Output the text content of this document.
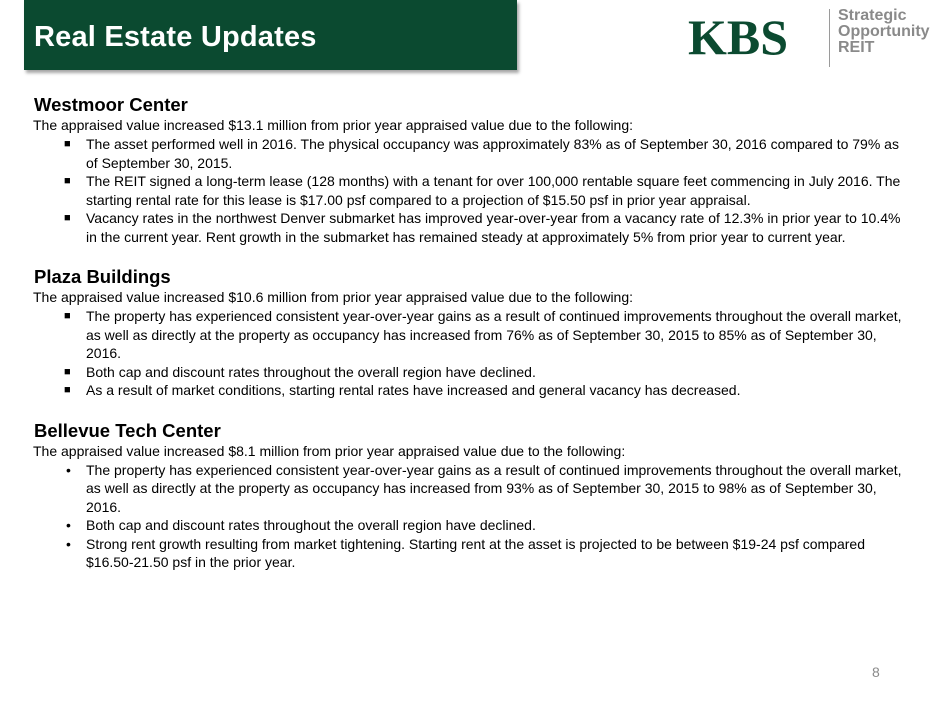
Real Estate Updates	KBS	Strategic
Opportunity
REIT
Westmoor Center
The appraised value increased $13.1 million from prior year appraised value due to the following:
■ The asset performed well in 2016. The physical occupancy was approximately 83% as of September 30, 2016 compared to 79% as of September 30, 2015.
■ The REIT signed a long-term lease (128 months) with a tenant for over 100,000 rentable square feet commencing in July 2016. The starting rental rate for this lease is $17.00 psf compared to a projection of $15.50 psf in prior year appraisal.
■ Vacancy rates in the northwest Denver submarket has improved year-over-year from a vacancy rate of 12.3% in prior year to 10.4% in the current year. Rent growth in the submarket has remained steady at approximately 5% from prior year to current year.
Plaza Buildings
The appraised value increased $10.6 million from prior year appraised value due to the following:
■ The property has experienced consistent year-over-year gains as a result of continued improvements throughout the overall market, as well as directly at the property as occupancy has increased from 76% as of September 30, 2015 to 85% as of September 30, 2016.
■ Both cap and discount rates throughout the overall region have declined.
■ As a result of market conditions, starting rental rates have increased and general vacancy has decreased.
Bellevue Tech Center
The appraised value increased $8.1 million from prior year appraised value due to the following:
• The property has experienced consistent year-over-year gains as a result of continued improvements throughout the overall market, as well as directly at the property as occupancy has increased from 93% as of September 30, 2015 to 98% as of September 30, 2016.
• Both cap and discount rates throughout the overall region have declined.
• Strong rent growth resulting from market tightening. Starting rent at the asset is projected to be between $19-24 psf compared $16.50-21.50 psf in the prior year.
8
